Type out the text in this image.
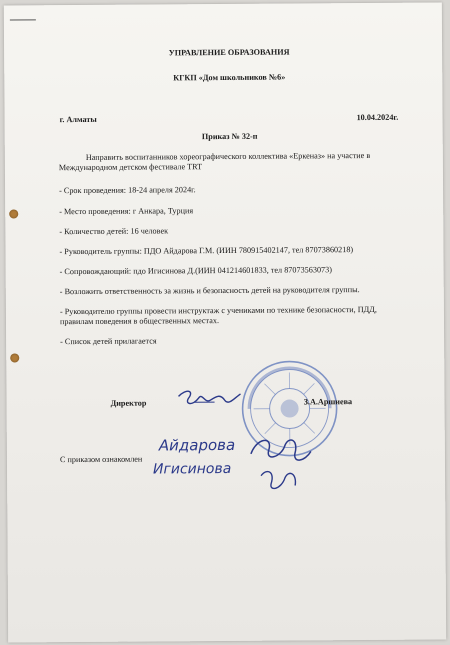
УПРАВЛЕНИЕ ОБРАЗОВАНИЯ
КГКП «Дом школьников №6»
г. Алматы	10.04.2024г.
Приказ № 32-п
Направить воспитанников хореографического коллектива «Еркеназ» на участие в
Международном детском фестивале TRT
- Срок проведения: 18-24 апреля 2024г.
- Место проведения: г Анкара, Турция
- Количество детей: 16 человек
- Руководитель группы: ПДО Айдарова Г.М. (ИИН 780915402147, тел 87073860218)
- Сопровождающий: пдо Игисинова Д.(ИИН 041214601833, тел 87073563073)
- Возложить ответственность за жизнь и безопасность детей на руководителя группы.
- Руководителю группы провести инструктаж с учениками по технике безопасности, ПДД,
правилам поведения в общественных местах.
- Список детей прилагается
Директор	З.А.Аршиева
С приказом ознакомлен
Айдарова
Игисинова
